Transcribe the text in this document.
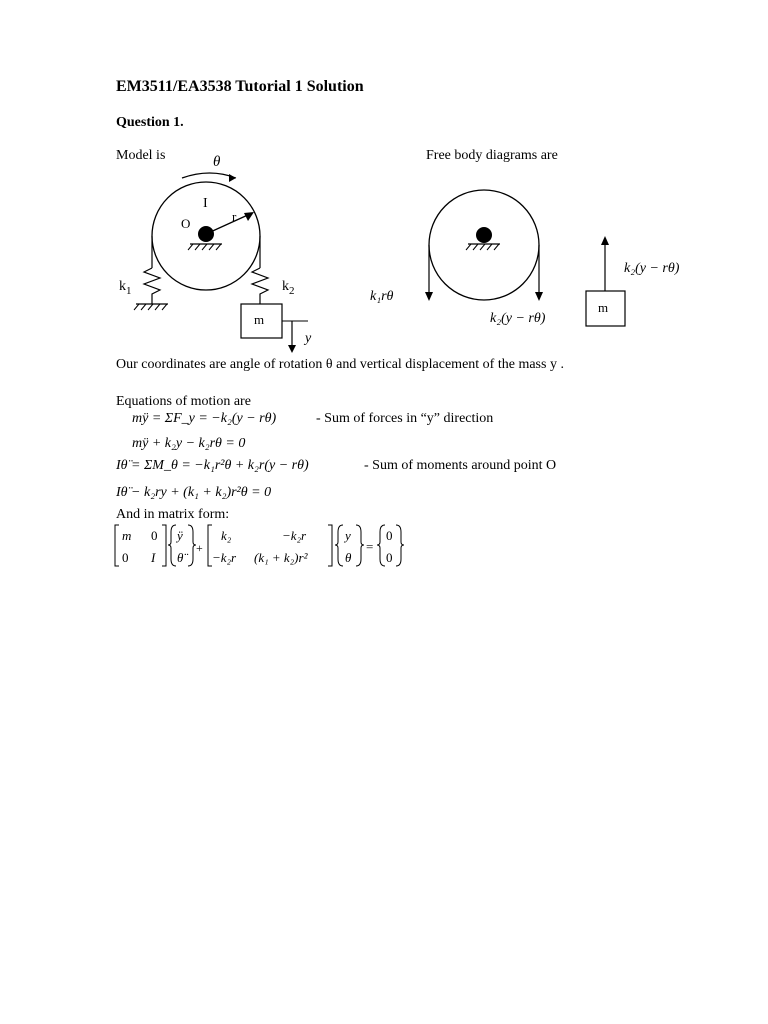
EM3511/EA3538 Tutorial 1 Solution
Question 1.
Model is	Free body diagrams are
θ
I
O	r
$k_1$	$k_2$
m
y
k₁rθ
k₂(y − rθ)
m
k₂(y − rθ)
Our coordinates are angle of rotation θ and vertical displacement of the mass y .
Equations of motion are
mÿ = ΣF_y = −k₂(y − rθ)	- Sum of forces in “y” direction
mÿ + k₂y − k₂rθ = 0
Iθ̈ = ΣM_θ = −k₁r²θ + k₂r(y − rθ)	- Sum of moments around point O
Iθ̈ − k₂ry + (k₁ + k₂)r²θ = 0
And in matrix form:
m 0
0 I
ÿ
θ̈
+
k₂	−k₂r
−k₂r (k₁ + k₂)r²
y
θ
=
0
0
